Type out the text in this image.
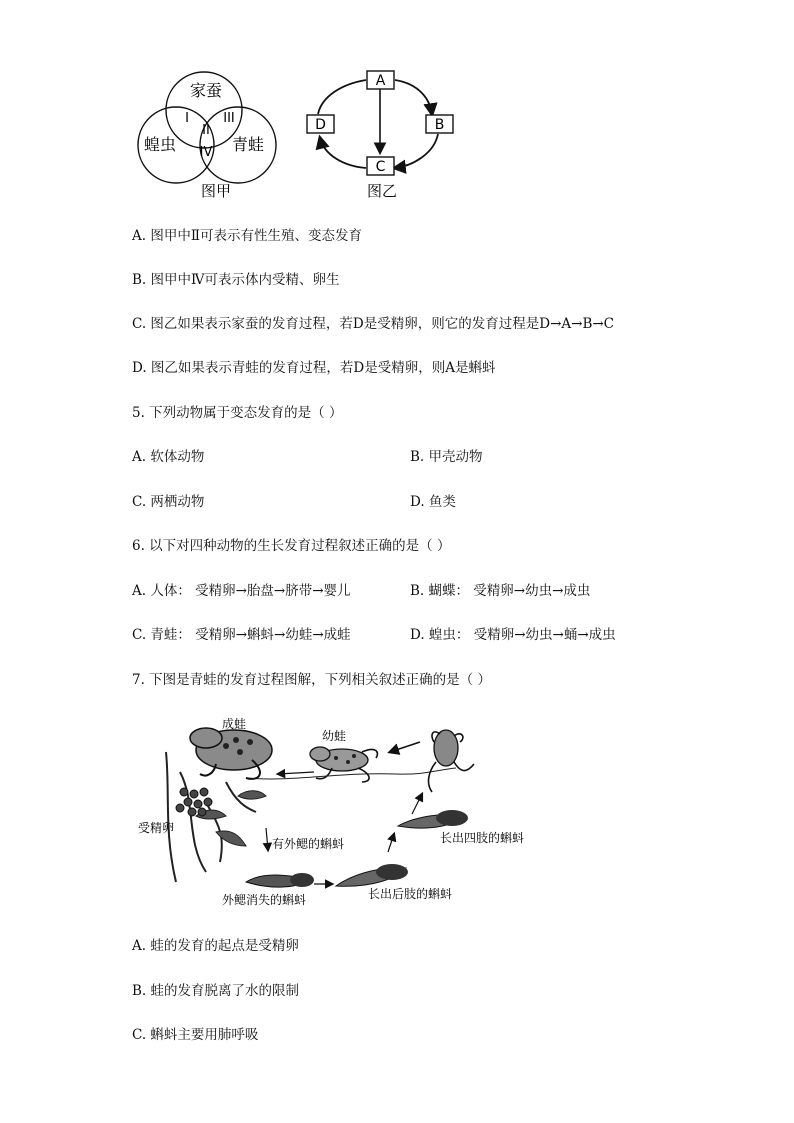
家蚕
蝗虫	青蛙
I
II
III
IV
图甲
A
B
C
D
图乙
A. 图甲中Ⅱ可表示有性生殖、变态发育
B. 图甲中Ⅳ可表示体内受精、卵生
C. 图乙如果表示家蚕的发育过程，若D是受精卵，则它的发育过程是D→A→B→C
D. 图乙如果表示青蛙的发育过程，若D是受精卵，则A是蝌蚪
5. 下列动物属于变态发育的是（ ）
A. 软体动物	B. 甲壳动物
C. 两栖动物	D. 鱼类
6. 以下对四种动物的生长发育过程叙述正确的是（ ）
A. 人体： 受精卵→胎盘→脐带→婴儿	B. 蝴蝶： 受精卵→幼虫→成虫
C. 青蛙： 受精卵→蝌蚪→幼蛙→成蛙	D. 蝗虫： 受精卵→幼虫→蛹→成虫
7. 下图是青蛙的发育过程图解，下列相关叙述正确的是（ ）
成蛙
幼蛙
受精卵
有外鳃的蝌蚪
外鳃消失的蝌蚪	长出后肢的蝌蚪
长出四肢的蝌蚪
A. 蛙的发育的起点是受精卵
B. 蛙的发育脱离了水的限制
C. 蝌蚪主要用肺呼吸
